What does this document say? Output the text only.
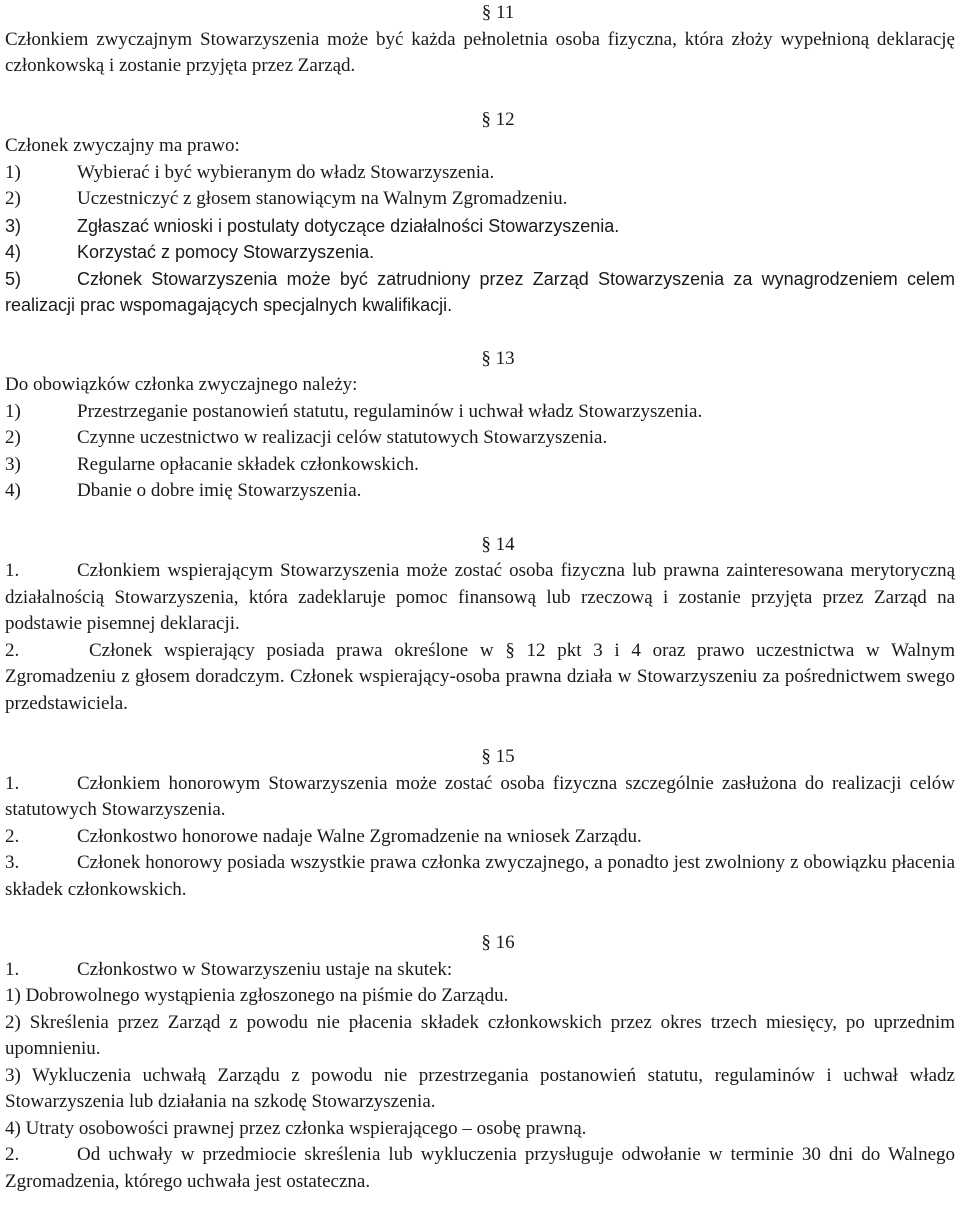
§ 11
Członkiem zwyczajnym Stowarzyszenia może być każda pełnoletnia osoba fizyczna, która złoży wypełnioną deklarację członkowską i zostanie przyjęta przez Zarząd.
§ 12
Członek zwyczajny ma prawo:
1)	Wybierać i być wybieranym do władz Stowarzyszenia.
2)	Uczestniczyć z głosem stanowiącym na Walnym Zgromadzeniu.
3)	Zgłaszać wnioski i postulaty dotyczące działalności Stowarzyszenia.
4)	Korzystać z pomocy Stowarzyszenia.
5)	Członek Stowarzyszenia może być zatrudniony przez Zarząd Stowarzyszenia za wynagrodzeniem celem realizacji prac wspomagających specjalnych kwalifikacji.
§ 13
Do obowiązków członka zwyczajnego należy:
1)	Przestrzeganie postanowień statutu, regulaminów i uchwał władz Stowarzyszenia.
2)	Czynne uczestnictwo w realizacji celów statutowych Stowarzyszenia.
3)	Regularne opłacanie składek członkowskich.
4)	Dbanie o dobre imię Stowarzyszenia.
§ 14
1.	Członkiem wspierającym Stowarzyszenia może zostać osoba fizyczna lub prawna zainteresowana merytoryczną działalnością Stowarzyszenia, która zadeklaruje pomoc finansową lub rzeczową i zostanie przyjęta przez Zarząd na podstawie pisemnej deklaracji.
2.	Członek wspierający posiada prawa określone w § 12 pkt 3 i 4 oraz prawo uczestnictwa w Walnym Zgromadzeniu z głosem doradczym. Członek wspierający-osoba prawna działa w Stowarzyszeniu za pośrednictwem swego przedstawiciela.
§ 15
1.	Członkiem honorowym Stowarzyszenia może zostać osoba fizyczna szczególnie zasłużona do realizacji celów statutowych Stowarzyszenia.
2.	Członkostwo honorowe nadaje Walne Zgromadzenie na wniosek Zarządu.
3.	Członek honorowy posiada wszystkie prawa członka zwyczajnego, a ponadto jest zwolniony z obowiązku płacenia składek członkowskich.
§ 16
1.	Członkostwo w Stowarzyszeniu ustaje na skutek:
1) Dobrowolnego wystąpienia zgłoszonego na piśmie do Zarządu.
2) Skreślenia przez Zarząd z powodu nie płacenia składek członkowskich przez okres trzech miesięcy, po uprzednim upomnieniu.
3) Wykluczenia uchwałą Zarządu z powodu nie przestrzegania postanowień statutu, regulaminów i uchwał władz Stowarzyszenia lub działania na szkodę Stowarzyszenia.
4) Utraty osobowości prawnej przez członka wspierającego – osobę prawną.
2.	Od uchwały w przedmiocie skreślenia lub wykluczenia przysługuje odwołanie w terminie 30 dni do Walnego Zgromadzenia, którego uchwała jest ostateczna.
